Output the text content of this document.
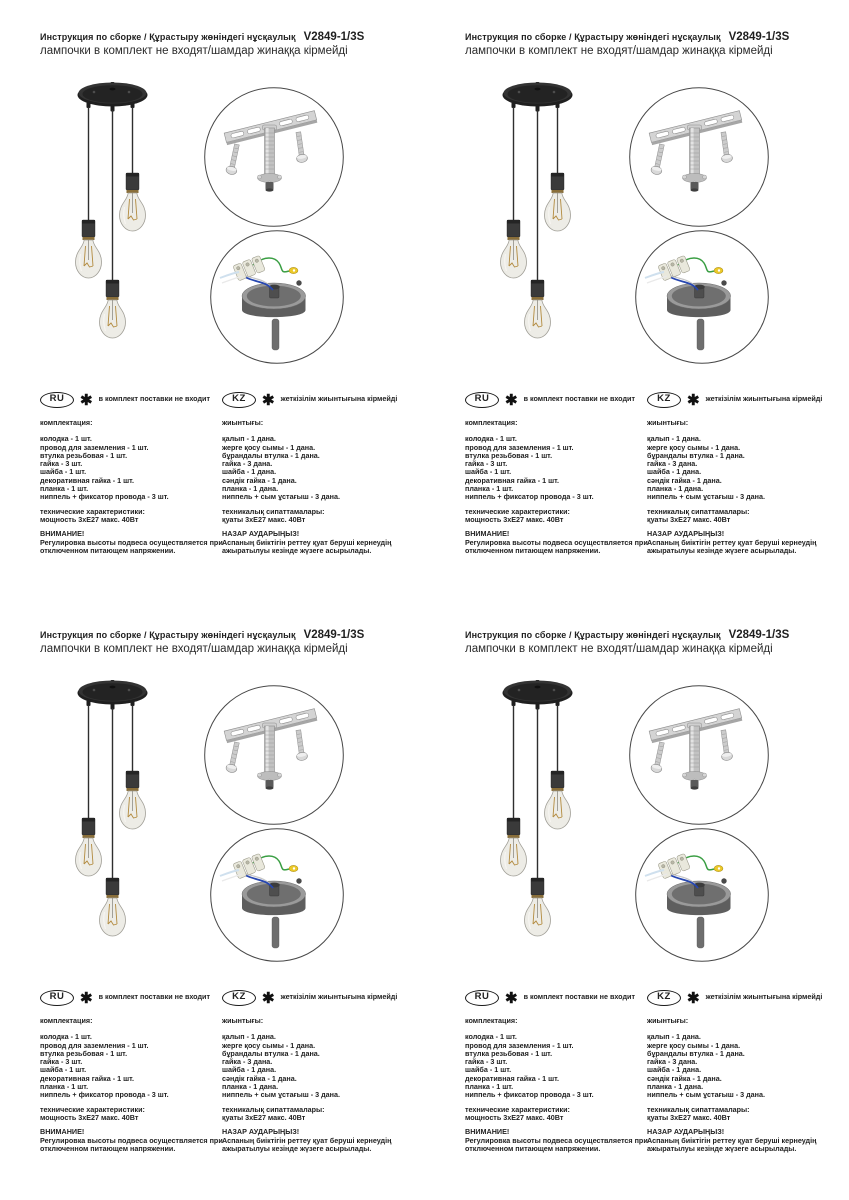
Инструкция по сборке / Құрастыру жөніндегі нұсқаулық V2849-1/3S
лампочки в комплект не входят/шамдар жинаққа кірмейді
RU	✱ в комплект поставки не входит
комплектация:
колодка - 1 шт.
провод для заземления - 1 шт.
втулка резьбовая - 1 шт.
гайка - 3 шт.
шайба - 1 шт.
декоративная гайка - 1 шт.
планка - 1 шт.
ниппель + фиксатор провода - 3 шт.
технические характеристики:
мощность 3хЕ27 макс. 40Вт
ВНИМАНИЕ!
Регулировка высоты подвеса осуществляется при отключенном питающем напряжении.
KZ	✱ жеткізілім жиынтығына кірмейді
жиынтығы:
қалып - 1 дана.
жерге қосу сымы - 1 дана.
бұрандалы втулка - 1 дана.
гайка - 3 дана.
шайба - 1 дана.
сәндік гайка - 1 дана.
планка - 1 дана.
ниппель + сым ұстағыш - 3 дана.
техникалық сипаттамалары:
қуаты 3хЕ27 макс. 40Вт
НАЗАР АУДАРЫҢЫЗ!
Аспаның биіктігін реттеу қуат беруші кернеудің ажыратылуы кезінде жүзеге асырылады.
Инструкция по сборке / Құрастыру жөніндегі нұсқаулық V2849-1/3S
лампочки в комплект не входят/шамдар жинаққа кірмейді
RU	✱ в комплект поставки не входит
комплектация:
колодка - 1 шт.
провод для заземления - 1 шт.
втулка резьбовая - 1 шт.
гайка - 3 шт.
шайба - 1 шт.
декоративная гайка - 1 шт.
планка - 1 шт.
ниппель + фиксатор провода - 3 шт.
технические характеристики:
мощность 3хЕ27 макс. 40Вт
ВНИМАНИЕ!
Регулировка высоты подвеса осуществляется при отключенном питающем напряжении.
KZ	✱ жеткізілім жиынтығына кірмейді
жиынтығы:
қалып - 1 дана.
жерге қосу сымы - 1 дана.
бұрандалы втулка - 1 дана.
гайка - 3 дана.
шайба - 1 дана.
сәндік гайка - 1 дана.
планка - 1 дана.
ниппель + сым ұстағыш - 3 дана.
техникалық сипаттамалары:
қуаты 3хЕ27 макс. 40Вт
НАЗАР АУДАРЫҢЫЗ!
Аспаның биіктігін реттеу қуат беруші кернеудің ажыратылуы кезінде жүзеге асырылады.
Инструкция по сборке / Құрастыру жөніндегі нұсқаулық V2849-1/3S
лампочки в комплект не входят/шамдар жинаққа кірмейді
RU	✱ в комплект поставки не входит
комплектация:
колодка - 1 шт.
провод для заземления - 1 шт.
втулка резьбовая - 1 шт.
гайка - 3 шт.
шайба - 1 шт.
декоративная гайка - 1 шт.
планка - 1 шт.
ниппель + фиксатор провода - 3 шт.
технические характеристики:
мощность 3хЕ27 макс. 40Вт
ВНИМАНИЕ!
Регулировка высоты подвеса осуществляется при отключенном питающем напряжении.
KZ	✱ жеткізілім жиынтығына кірмейді
жиынтығы:
қалып - 1 дана.
жерге қосу сымы - 1 дана.
бұрандалы втулка - 1 дана.
гайка - 3 дана.
шайба - 1 дана.
сәндік гайка - 1 дана.
планка - 1 дана.
ниппель + сым ұстағыш - 3 дана.
техникалық сипаттамалары:
қуаты 3хЕ27 макс. 40Вт
НАЗАР АУДАРЫҢЫЗ!
Аспаның биіктігін реттеу қуат беруші кернеудің ажыратылуы кезінде жүзеге асырылады.
Инструкция по сборке / Құрастыру жөніндегі нұсқаулық V2849-1/3S
лампочки в комплект не входят/шамдар жинаққа кірмейді
RU	✱ в комплект поставки не входит
комплектация:
колодка - 1 шт.
провод для заземления - 1 шт.
втулка резьбовая - 1 шт.
гайка - 3 шт.
шайба - 1 шт.
декоративная гайка - 1 шт.
планка - 1 шт.
ниппель + фиксатор провода - 3 шт.
технические характеристики:
мощность 3хЕ27 макс. 40Вт
ВНИМАНИЕ!
Регулировка высоты подвеса осуществляется при отключенном питающем напряжении.
KZ	✱ жеткізілім жиынтығына кірмейді
жиынтығы:
қалып - 1 дана.
жерге қосу сымы - 1 дана.
бұрандалы втулка - 1 дана.
гайка - 3 дана.
шайба - 1 дана.
сәндік гайка - 1 дана.
планка - 1 дана.
ниппель + сым ұстағыш - 3 дана.
техникалық сипаттамалары:
қуаты 3хЕ27 макс. 40Вт
НАЗАР АУДАРЫҢЫЗ!
Аспаның биіктігін реттеу қуат беруші кернеудің ажыратылуы кезінде жүзеге асырылады.
